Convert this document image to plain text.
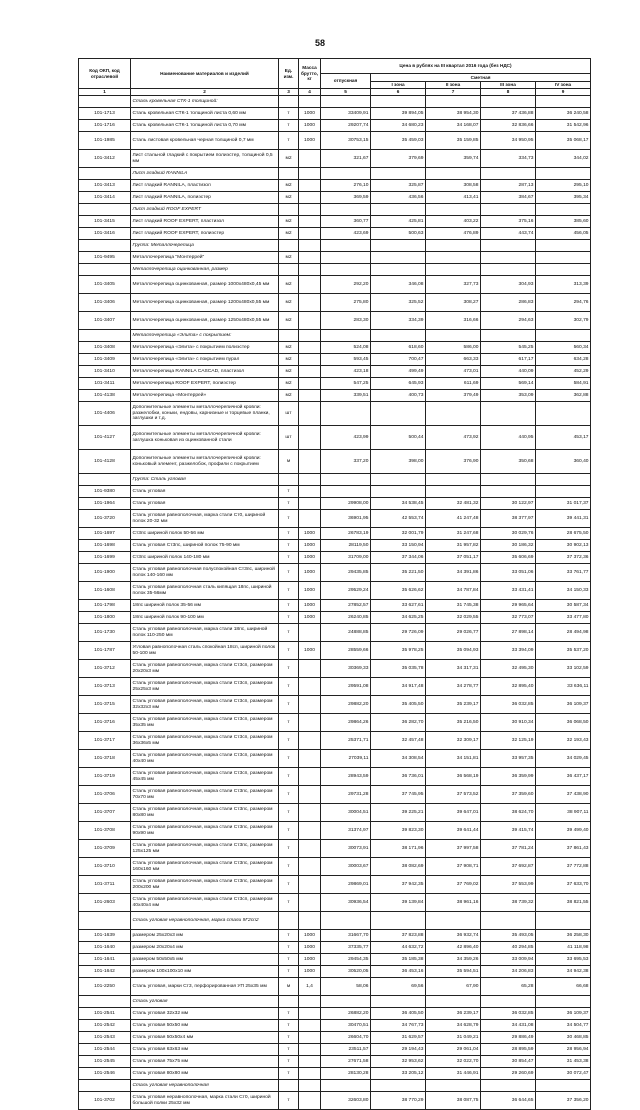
58
Код ОКП, код отраслевой	Наименование материалов и изделий	Ед. изм.	Масса брутто, кг	Цена в рублях на III квартал 2016 года (без НДС)				
				отпускная	Сметная			
					I зона	II зона	III зона	IV зона
1	2	3	4	5	6	7	8	9
	Сталь кровельная СТК-1 толщиной:							
101-1713	Сталь кровельная СТК-1 толщиной листа 0,60 мм	т	1000	33409,91	39 894,05	38 954,30	37 436,88	36 240,58
101-1716	Сталь кровельная СТК-1 толщиной листа 0,70 мм	т	1000	29207,74	34 680,23	34 168,07	32 836,66	31 542,96
101-1985	Сталь листовая кровельная черная толщиной 0,7 мм	т	1000	30753,15	35 459,03	35 159,85	34 950,95	35 068,17
101-3412	Лист стальной гладкий с покрытием полиэстер, толщиной 0,5 мм	м2		321,67	379,69	359,74	334,73	344,02
	Лист гладкий RANNILA							
101-3413	Лист гладкий RANNILA, пластизол	м2		276,10	325,87	308,58	287,13	295,10
101-3414	Лист гладкий RANNILA, полиэстер	м2		369,59	436,56	413,41	384,67	395,34
	Лист гладкий ROOF EXPERT							
101-3415	Лист гладкий ROOF EXPERT, пластизол	м2		360,77	425,81	403,22	375,16	385,60
101-3416	Лист гладкий ROOF EXPERT, полиэстер	м2		423,69	500,63	476,89	443,74	456,05
	Группа: Металлочерепица							
101-9495	Металлочерепица "Монтеррей"	м2						
	Металлочерепица оцинкованная, размер							
101-3405	Металлочерепица оцинкованная, размер 1000x480x0,45 мм	м2		292,20	346,08	327,73	304,93	313,39
101-3406	Металлочерепица оцинкованная, размер 1200x480x0,55 мм	м2		275,80	325,52	308,27	286,83	294,76
101-3407	Металлочерепица оцинкованная, размер 1250x480x0,55 мм	м2		283,30	334,39	316,66	294,63	302,79
	Металлочерепица «Элита» с покрытием:							
101-3408	Металлочерепица «Элита» с покрытием полиэстер	м2		524,08	618,60	586,00	545,25	560,34
101-3409	Металлочерепица «Элита» с покрытием пурал	м2		593,45	700,47	663,33	617,17	634,28
101-3410	Металлочерепица RANNILA CASCAD, пластизол	м2		423,18	499,49	473,01	440,09	452,29
101-3411	Металлочерепица ROOF EXPERT, полиэстер	м2		547,25	645,93	611,69	569,14	584,91
101-4138	Металлочерепица «Монтеррей»	м2		339,51	400,73	379,49	353,09	362,88
101-4406	Дополнительные элементы металлочерепичной кровли: разжелобки, коньки, ендовы, карнизные и торцевые планки, заглушки и т.д.	шт						
101-4127	Дополнительные элементы металлочерепичной кровли: заглушка коньковая из оцинкованной стали	шт		423,99	500,44	473,92	440,95	453,17
101-4128	Дополнительные элементы металлочерепичной кровли: коньковый элемент, разжелобок, профили с покрытием	м		337,20	398,00	376,90	350,68	360,40
	Группа: Сталь угловая							
101-9380	Сталь угловая	т						
101-1964	Сталь угловая	т		29908,00	34 538,45	32 481,32	30 122,97	31 017,37
101-3720	Сталь угловая равнополочная, марка стали Ст0, шириной полок 20-32 мм	т		36901,95	42 553,74	41 247,48	38 377,97	39 441,31
101-1697	Ст3пс шириной полок 50-56 мм	т	1000	26783,19	32 001,79	31 247,68	30 029,76	28 675,50
101-1698	Сталь угловая Ст3пс, шириной полок 75-90 мм	т	1000	28119,50	33 150,94	31 957,82	30 186,32	30 902,13
101-1699	Ст3пс шириной полок 140-180 мм	т	1000	31709,00	37 344,06	37 051,17	35 606,69	37 372,36
101-1900	Сталь угловая равнополочная полуспокойная Ст3пс, шириной полок 140-160 мм	т	1000	29435,85	35 221,50	34 391,86	33 051,06	33 761,77
101-1608	Сталь угловая равнополочная сталь кипящая 18пс, шириной полок 35-56мм	т	1000	29529,24	35 626,62	34 787,84	33 431,41	34 150,33
101-1798	18пс шириной полок 35-56 мм	т	1000	27852,57	33 627,61	31 745,38	29 965,64	30 587,34
101-1800	18пс шириной полок 90-100 мм	т	1000	26240,85	34 625,25	32 029,55	32 773,07	33 477,80
101-1730	Сталь угловая равнополочная, марка стали 18пс, шириной полок 110-250 мм	т		24888,85	29 726,09	29 026,77	27 898,14	28 494,98
101-1787	Угловая равнополочная сталь спокойная 18сп, шириной полок 50-100 мм	т	1000	28559,66	35 978,25	35 094,93	33 394,09	35 537,20
101-3712	Сталь угловая равнополочная, марка стали Ст3сп, размером 20x20x3 мм	т		30369,33	35 035,78	34 317,31	32 495,30	33 102,59
101-3713	Сталь угловая равнополочная, марка стали Ст3сп, размером 25x25x3 мм	т		29591,08	34 917,48	34 278,77	32 895,40	33 636,11
101-3715	Сталь угловая равнополочная, марка стали Ст3сп, размером 32x32x3 мм	т		29882,20	35 405,50	35 239,17	36 032,85	36 109,37
101-3716	Сталь угловая равнополочная, марка стали Ст3сп, размером 35x35 мм	т		29864,26	36 282,70	35 216,50	30 910,34	36 068,50
101-3717	Сталь угловая равнополочная, марка стали Ст3сп, размером 36x36x5 мм	т		25371,71	32 457,48	32 309,17	32 125,19	32 193,43
101-3718	Сталь угловая равнополочная, марка стали Ст3сп, размером 40x40 мм	т		27039,11	34 308,54	34 151,81	33 957,35	34 029,45
101-3719	Сталь угловая равнополочная, марка стали Ст3сп, размером 45x45 мм	т		28943,59	36 736,01	36 568,19	36 359,99	36 437,17
101-3706	Сталь угловая равнополочная, марка стали Ст3пс, размером 70x70 мм	т		29731,28	37 745,95	37 573,52	37 359,60	37 438,90
101-3707	Сталь угловая равнополочная, марка стали Ст3пс, размером 80x80 мм	т		30004,51	39 225,21	39 647,01	38 624,70	38 907,11
101-3708	Сталь угловая равнополочная, марка стали Ст3пс, размером 90x90 мм	т		31374,97	39 823,30	39 641,44	39 415,74	39 499,40
101-3709	Сталь угловая равнополочная, марка стали Ст3пс, размером 125x125 мм	т		30073,91	38 171,96	37 997,58	37 781,24	37 861,43
101-3710	Сталь угловая равнополочная, марка стали Ст3пс, размером 160x160 мм	т		30003,67	38 082,69	37 908,71	37 692,87	37 772,88
101-3711	Сталь угловая равнополочная, марка стали Ст3пс, размером 200x200 мм	т		29869,01	37 942,35	37 769,02	37 553,99	37 633,70
101-2603	Сталь угловая равнополочная, марка стали Ст3сп, размером 40x40x4 мм	т		30936,54	39 139,84	38 961,16	38 739,32	38 821,55
	Сталь угловая неравнополочная, марка стали 9Г2сп2							
101-1639	размером 25x20x3 мм	т	1000	31667,70	37 823,88	36 932,74	35 493,05	36 258,30
101-1640	размером 20x20x4 мм	т	1000	37335,77	44 632,72	42 896,40	40 294,85	41 118,98
101-1641	размером 50x50x5 мм	т	1000	29454,35	35 185,38	34 359,26	33 009,94	33 695,53
101-1642	размером 100x100x10 мм	т	1000	30520,05	36 453,16	35 594,51	34 206,83	34 942,38
101-2250	Сталь угловая, марки Ст3, перфорированная УП 25x35 мм	м	1,4	58,06	69,56	67,90	65,28	66,68
	Сталь угловая							
101-2541	Сталь угловая 32x32 мм	т		26882,20	36 405,50	36 239,17	36 032,85	36 109,37
101-2542	Сталь угловая 50x50 мм	т		30470,51	34 767,73	34 628,79	34 431,08	34 504,77
101-2543	Сталь угловая 50x50x4 мм	т		26604,70	31 629,57	31 049,21	29 886,49	30 468,85
101-2544	Сталь угловая 63x63 мм	т		23511,57	29 194,43	29 061,04	28 895,59	28 956,94
101-2545	Сталь угловая 75x75 мм	т		27671,58	32 953,62	32 022,70	30 854,47	31 453,38
101-2546	Сталь угловая 80x80 мм	т		28130,28	33 205,12	31 446,91	29 260,69	30 072,47
	Сталь угловая неравнополочная							
101-3702	Сталь угловая неравнополочная, марка стали Ст0, шириной большой полки 25x32 мм	т		32603,80	38 770,29	38 087,75	36 644,65	37 356,20
